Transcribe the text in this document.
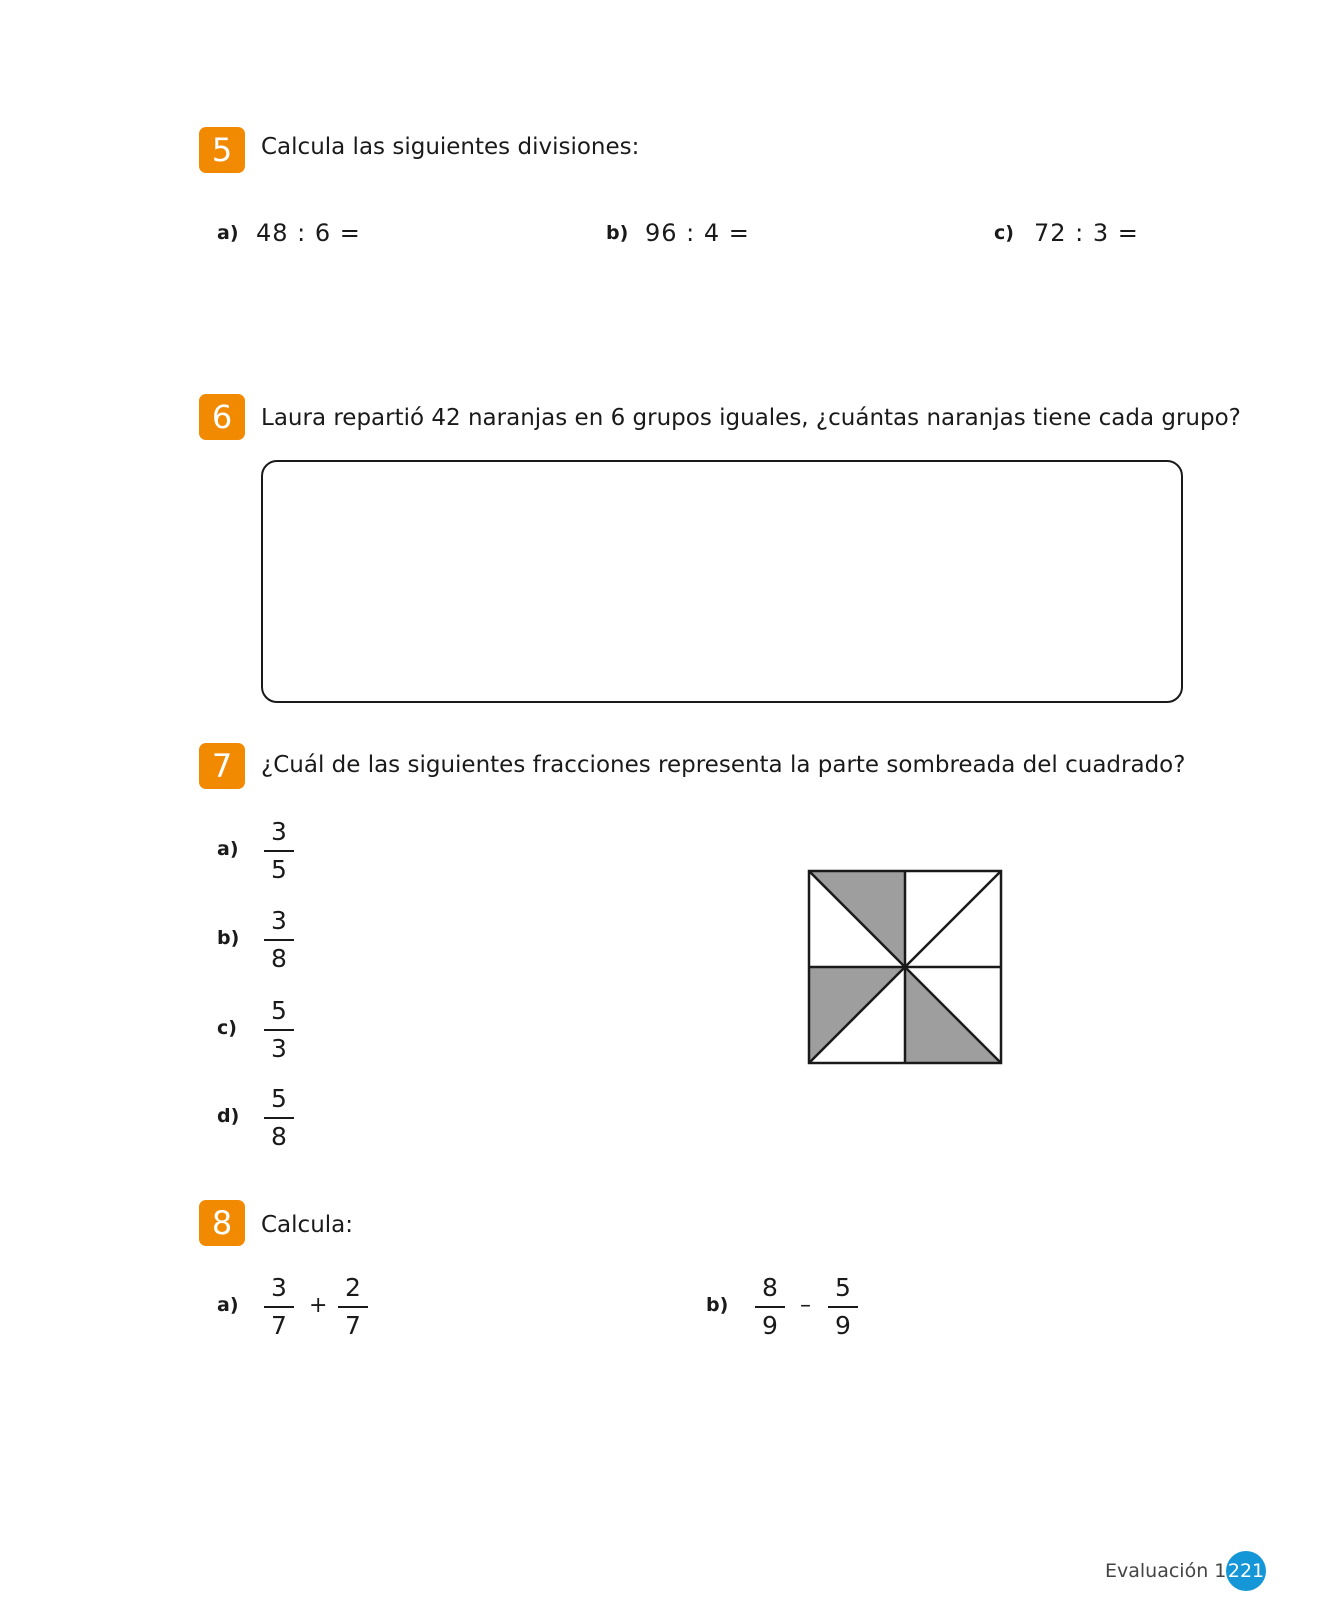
5	Calcula las siguientes divisiones:
a) 48 : 6 =	b) 96 : 4 =	c) 72 : 3 =
6	Laura repartió 42 naranjas en 6 grupos iguales, ¿cuántas naranjas tiene cada grupo?
7	¿Cuál de las siguientes fracciones representa la parte sombreada del cuadrado?
a)
3
5
b)
3
8
c)
5
3
d)
5
8
8	Calcula:
a)
3
7
+
2
7
b)
8
9
–
5
9
Evaluación 1 221
